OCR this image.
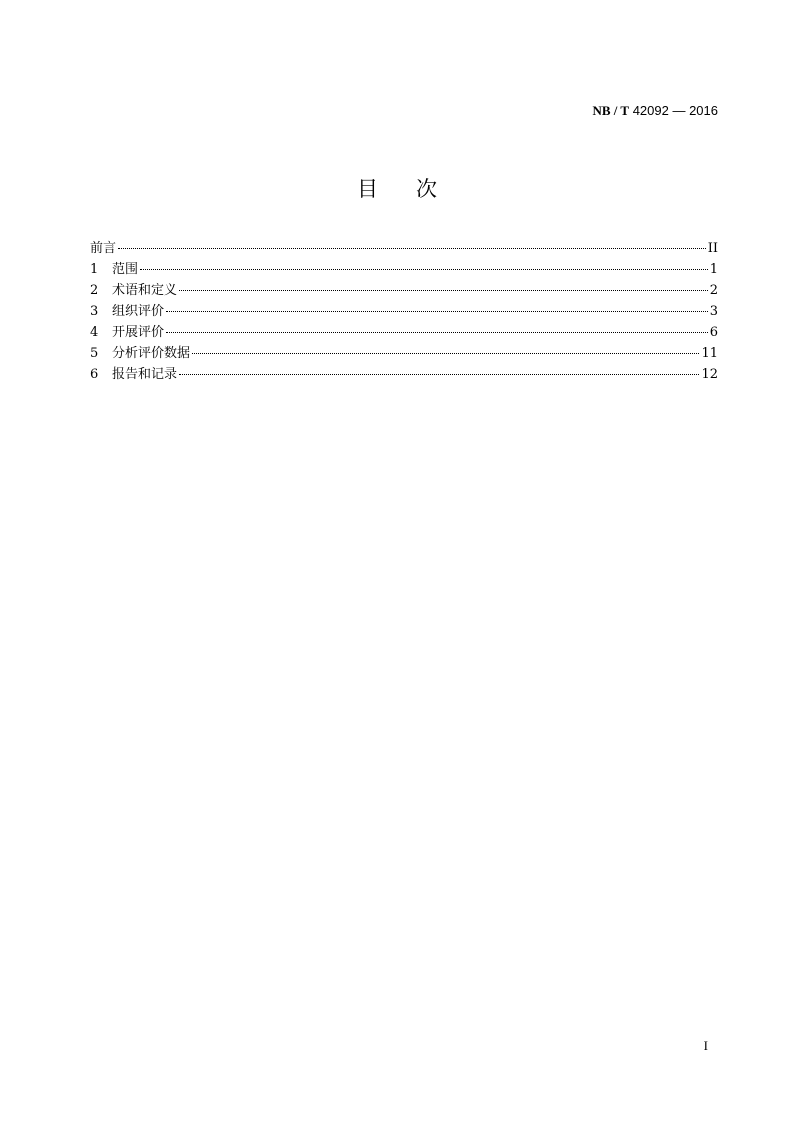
NB / T 42092 — 2016
目次
前言	II
1	范围	1
2	术语和定义	2
3	组织评价	3
4	开展评价	6
5	分析评价数据	11
6	报告和记录	12
I
